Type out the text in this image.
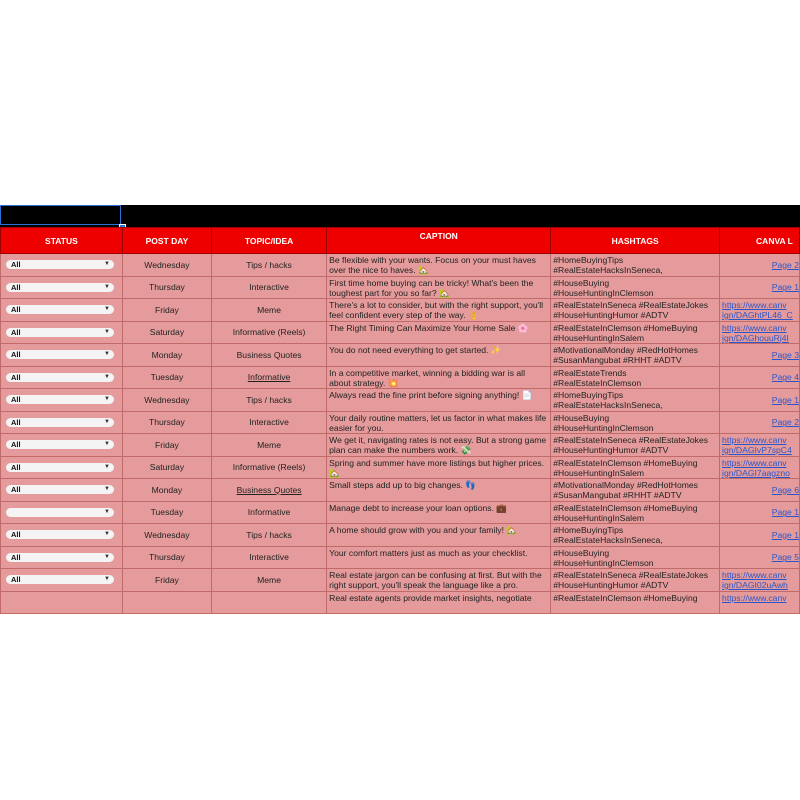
STATUS	POST DAY	TOPIC/IDEA	CAPTION	HASHTAGS	CANVA L

All ▼	Wednesday	Tips / hacks	Be flexible with your wants. Focus on your must haves over the nice to haves. 🏡	#HomeBuyingTips
#RealEstateHacksInSeneca,	Page 2

All ▼	Thursday	Interactive	First time home buying can be tricky! What's been the toughest part for you so far? 🏡	#HouseBuying
#HouseHuntingInClemson	Page 1

All ▼	Friday	Meme	There's a lot to consider, but with the right support, you'll feel confident every step of the way. 👌	#RealEstateInSeneca #RealEstateJokes
#HouseHuntingHumor #ADTV	https://www.canv
ign/DAGhtPL46_C

All ▼	Saturday	Informative (Reels)	The Right Timing Can Maximize Your Home Sale 🌸	#RealEstateInClemson #HomeBuying
#HouseHuntingInSalem	https://www.canv
ign/DAGhouuRj4I

All ▼	Monday	Business Quotes	You do not need everything to get started. ✨	#MotivationalMonday #RedHotHomes
#SusanMangubat #RHHT #ADTV	Page 3

All ▼	Tuesday	Informative	In a competitive market, winning a bidding war is all about strategy. 💥	#RealEstateTrends
#RealEstateInClemson	Page 4

All ▼	Wednesday	Tips / hacks	Always read the fine print before signing anything! 📄	#HomeBuyingTips
#RealEstateHacksInSeneca,	Page 1

All ▼	Thursday	Interactive	Your daily routine matters, let us factor in what makes life easier for you.	#HouseBuying
#HouseHuntingInClemson	Page 2

All ▼	Friday	Meme	We get it, navigating rates is not easy. But a strong game plan can make the numbers work. 💸	#RealEstateInSeneca #RealEstateJokes
#HouseHuntingHumor #ADTV	https://www.canv
ign/DAGIvP7spC4

All ▼	Saturday	Informative (Reels)	Spring and summer have more listings but higher prices. 🏡	#RealEstateInClemson #HomeBuying
#HouseHuntingInSalem	https://www.canv
ign/DAGI7aagzno

All ▼	Monday	Business Quotes	Small steps add up to big changes. 👣	#MotivationalMonday #RedHotHomes
#SusanMangubat #RHHT #ADTV	Page 6

▼	Tuesday	Informative	Manage debt to increase your loan options. 💼	#RealEstateInClemson #HomeBuying
#HouseHuntingInSalem	Page 1

All ▼	Wednesday	Tips / hacks	A home should grow with you and your family! 🏡	#HomeBuyingTips
#RealEstateHacksInSeneca,	Page 1

All ▼	Thursday	Interactive	Your comfort matters just as much as your checklist.	#HouseBuying
#HouseHuntingInClemson	Page 5

All ▼	Friday	Meme	Real estate jargon can be confusing at first. But with the right support, you'll speak the language like a pro.	#RealEstateInSeneca #RealEstateJokes
#HouseHuntingHumor #ADTV	https://www.canv
ign/DAGI02uAwh
			Real estate agents provide market insights, negotiate	#RealEstateInClemson #HomeBuying	https://www.canv
